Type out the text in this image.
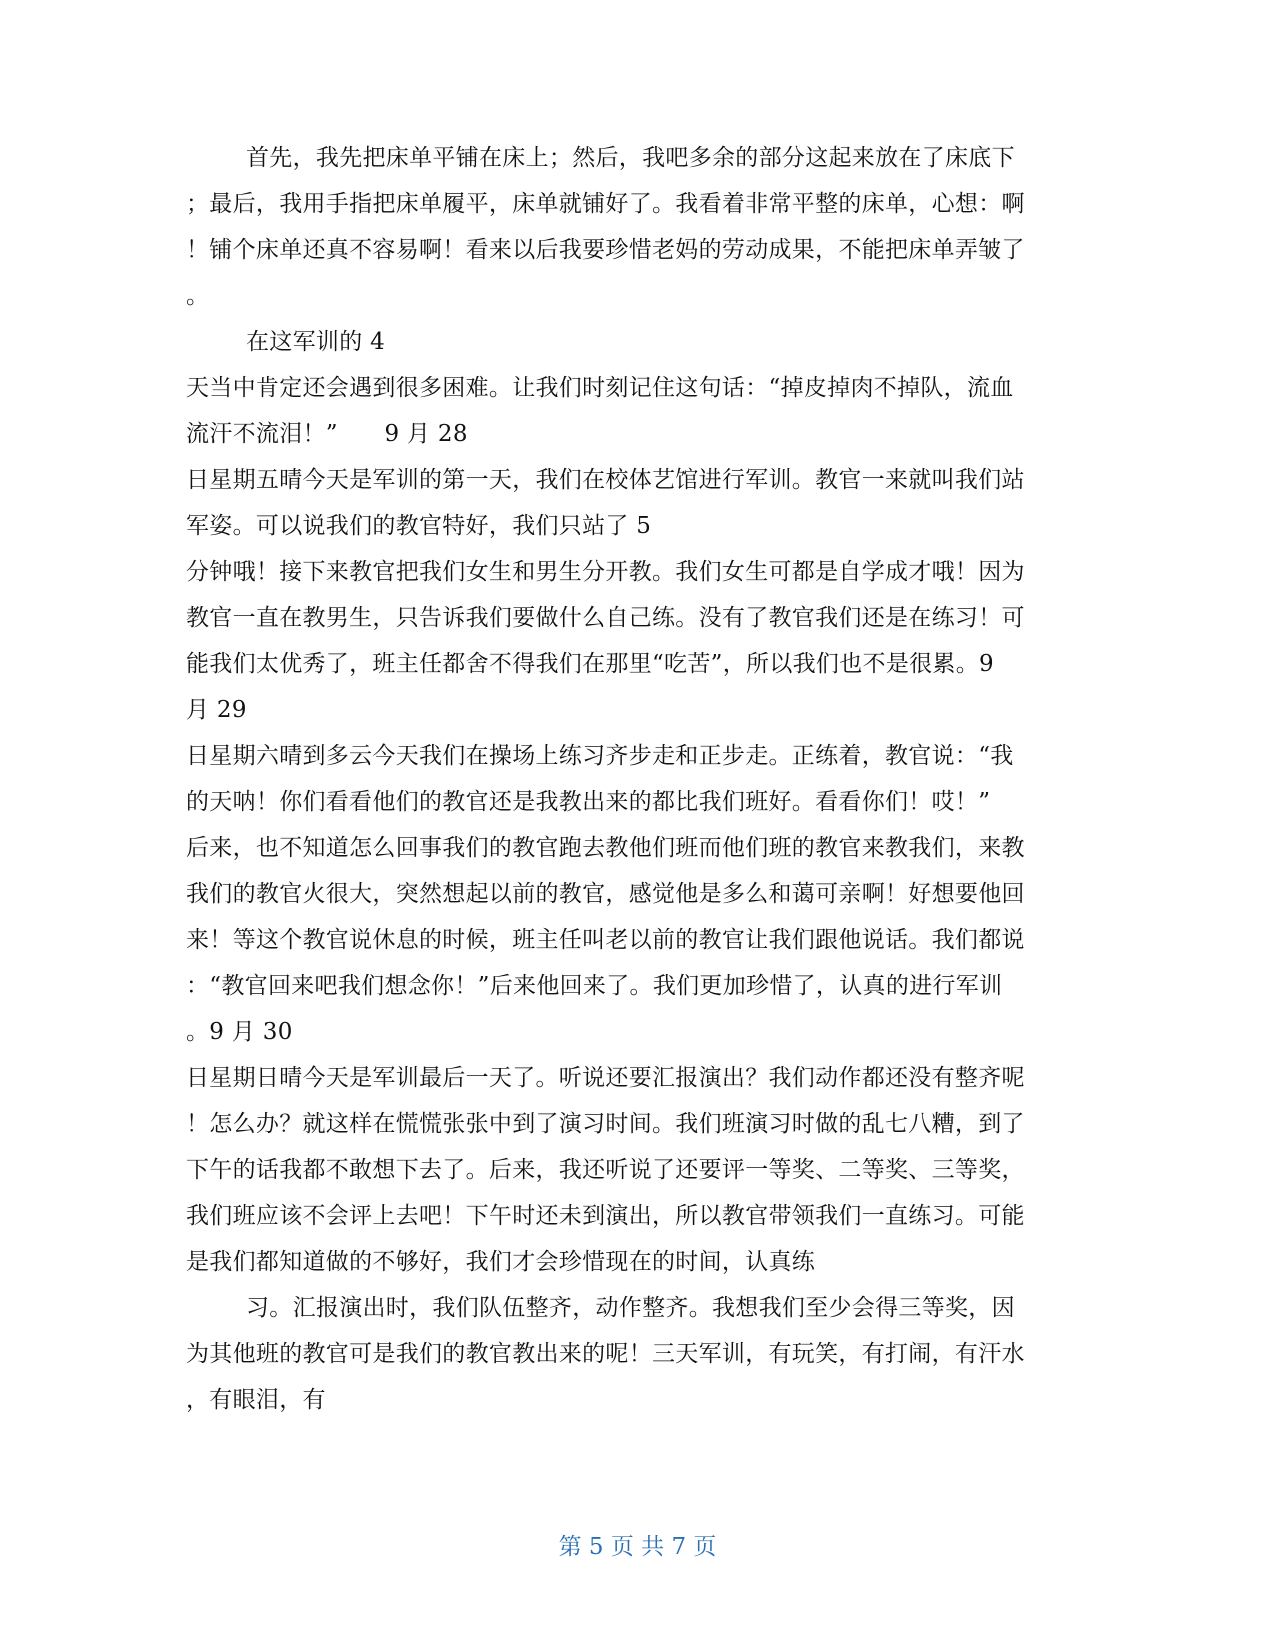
首先，我先把床单平铺在床上；然后，我吧多余的部分这起来放在了床底下
；最后，我用手指把床单履平，床单就铺好了。我看着非常平整的床单，心想：啊
！铺个床单还真不容易啊！看来以后我要珍惜老妈的劳动成果，不能把床单弄皱了
。
在这军训的 4
天当中肯定还会遇到很多困难。让我们时刻记住这句话：“掉皮掉肉不掉队，流血
流汗不流泪！”　　9 月 28
日星期五晴今天是军训的第一天，我们在校体艺馆进行军训。教官一来就叫我们站
军姿。可以说我们的教官特好，我们只站了 5
分钟哦！接下来教官把我们女生和男生分开教。我们女生可都是自学成才哦！因为
教官一直在教男生，只告诉我们要做什么自己练。没有了教官我们还是在练习！可
能我们太优秀了，班主任都舍不得我们在那里“吃苦”，所以我们也不是很累。9
月 29
日星期六晴到多云今天我们在操场上练习齐步走和正步走。正练着，教官说：“我
的天呐！你们看看他们的教官还是我教出来的都比我们班好。看看你们！哎！”
后来，也不知道怎么回事我们的教官跑去教他们班而他们班的教官来教我们，来教
我们的教官火很大，突然想起以前的教官，感觉他是多么和蔼可亲啊！好想要他回
来！等这个教官说休息的时候，班主任叫老以前的教官让我们跟他说话。我们都说
：“教官回来吧我们想念你！”后来他回来了。我们更加珍惜了，认真的进行军训
。9 月 30
日星期日晴今天是军训最后一天了。听说还要汇报演出？我们动作都还没有整齐呢
！怎么办？就这样在慌慌张张中到了演习时间。我们班演习时做的乱七八糟，到了
下午的话我都不敢想下去了。后来，我还听说了还要评一等奖、二等奖、三等奖，
我们班应该不会评上去吧！下午时还未到演出，所以教官带领我们一直练习。可能
是我们都知道做的不够好，我们才会珍惜现在的时间，认真练
习。汇报演出时，我们队伍整齐，动作整齐。我想我们至少会得三等奖，因
为其他班的教官可是我们的教官教出来的呢！三天军训，有玩笑，有打闹，有汗水
，有眼泪，有
第 5 页 共 7 页
